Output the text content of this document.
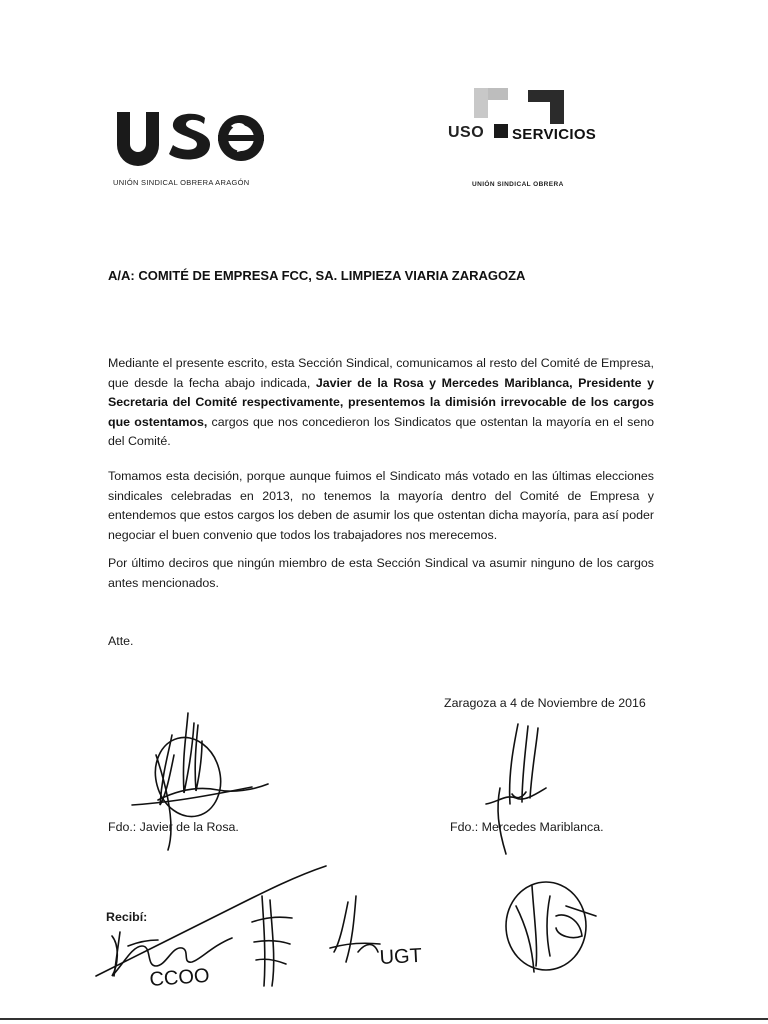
UNIÓN SINDICAL OBRERA ARAGÓN
USO SERVICIOS
UNIÓN SINDICAL OBRERA
A/A: COMITÉ DE EMPRESA FCC, SA. LIMPIEZA VIARIA ZARAGOZA
Mediante el presente escrito, esta Sección Sindical, comunicamos al resto del Comité de Empresa, que desde la fecha abajo indicada, Javier de la Rosa y Mercedes Mariblanca, Presidente y Secretaria del Comité respectivamente, presentemos la dimisión irrevocable de los cargos que ostentamos, cargos que nos concedieron los Sindicatos que ostentan la mayoría en el seno del Comité.
Tomamos esta decisión, porque aunque fuimos el Sindicato más votado en las últimas elecciones sindicales celebradas en 2013, no tenemos la mayoría dentro del Comité de Empresa y entendemos que estos cargos los deben de asumir los que ostentan dicha mayoría, para así poder negociar el buen convenio que todos los trabajadores nos merecemos.
Por último deciros que ningún miembro de esta Sección Sindical va asumir ninguno de los cargos antes mencionados.
Atte.
Zaragoza a 4 de Noviembre de 2016
Fdo.: Javier de la Rosa.	Fdo.: Mercedes Mariblanca.
Recibí:
CCOO
UGT
